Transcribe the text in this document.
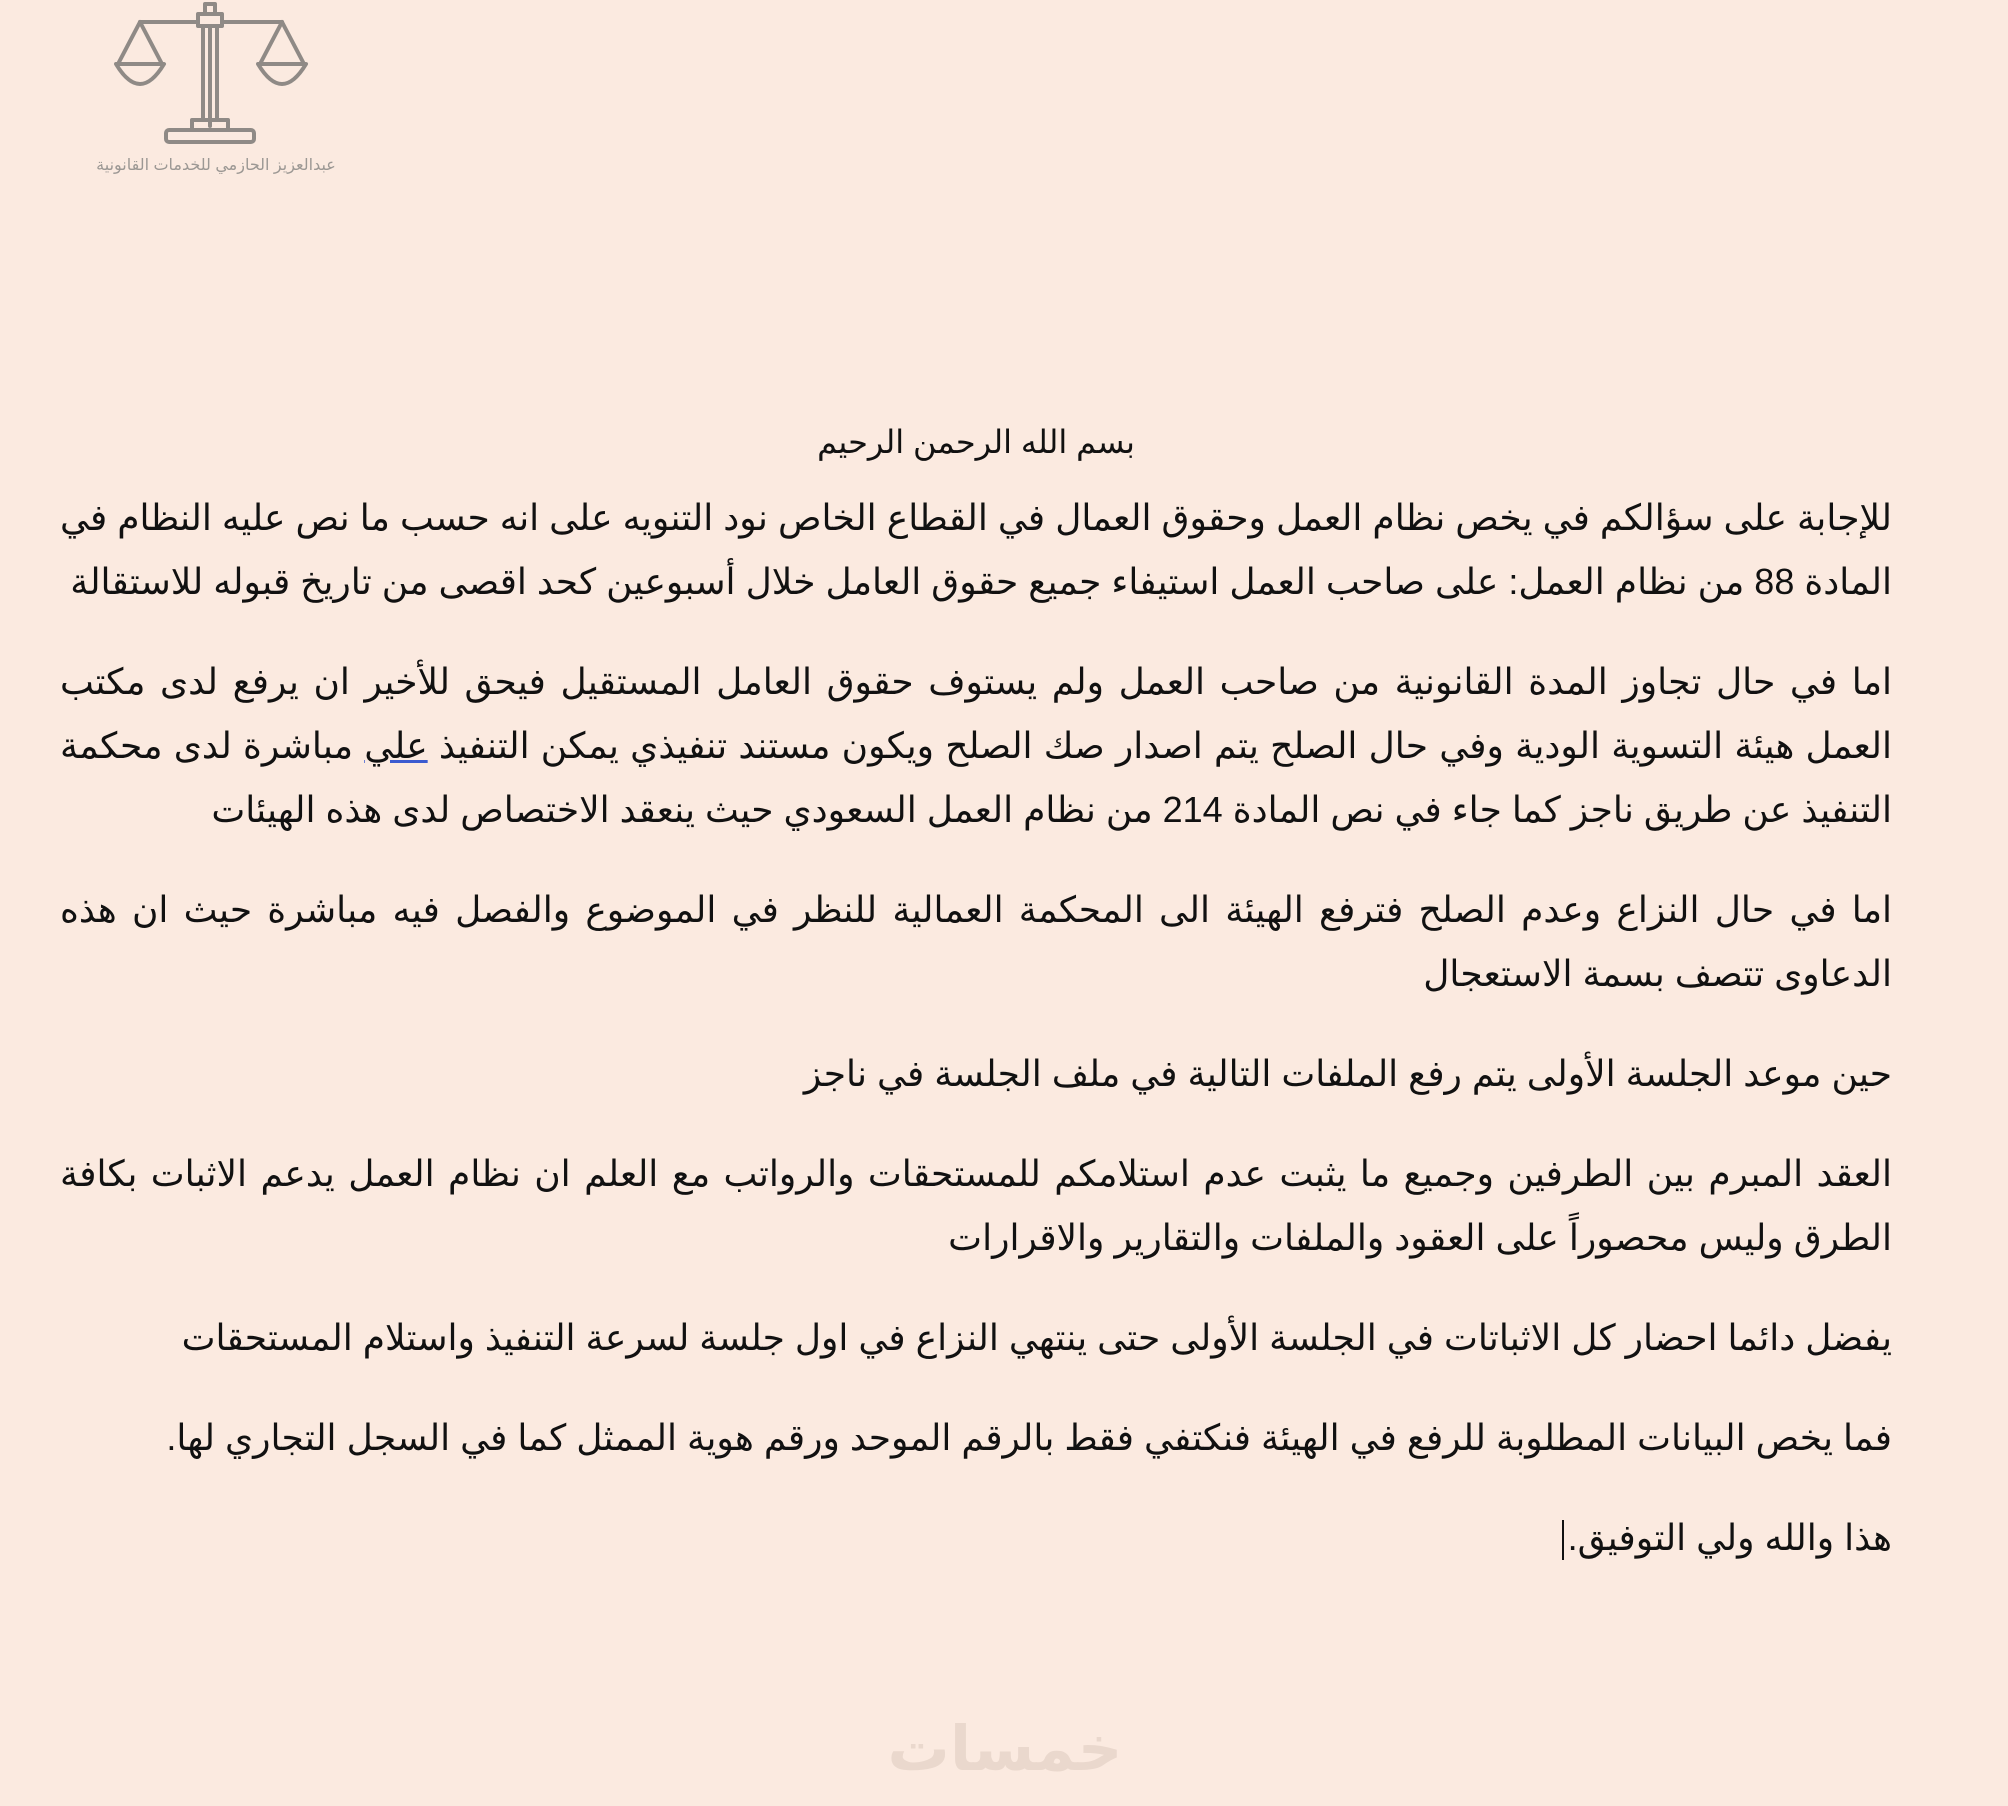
عبدالعزيز الحازمي للخدمات القانونية
بسم الله الرحمن الرحيم

للإجابة على سؤالكم في يخص نظام العمل وحقوق العمال في القطاع الخاص نود التنويه على انه حسب ما نص عليه النظام في المادة 88 من نظام العمل: على صاحب العمل استيفاء جميع حقوق العامل خلال أسبوعين كحد اقصى من تاريخ قبوله للاستقالة

اما في حال تجاوز المدة القانونية من صاحب العمل ولم يستوف حقوق العامل المستقيل فيحق للأخير ان يرفع لدى مكتب العمل هيئة التسوية الودية وفي حال الصلح يتم اصدار صك الصلح ويكون مستند تنفيذي يمكن التنفيذ علي مباشرة لدى محكمة التنفيذ عن طريق ناجز كما جاء في نص المادة 214 من نظام العمل السعودي حيث ينعقد الاختصاص لدى هذه الهيئات

اما في حال النزاع وعدم الصلح فترفع الهيئة الى المحكمة العمالية للنظر في الموضوع والفصل فيه مباشرة حيث ان هذه الدعاوى تتصف بسمة الاستعجال

حين موعد الجلسة الأولى يتم رفع الملفات التالية في ملف الجلسة في ناجز

العقد المبرم بين الطرفين وجميع ما يثبت عدم استلامكم للمستحقات والرواتب مع العلم ان نظام العمل يدعم الاثبات بكافة الطرق وليس محصوراً على العقود والملفات والتقارير والاقرارات

يفضل دائما احضار كل الاثباتات في الجلسة الأولى حتى ينتهي النزاع في اول جلسة لسرعة التنفيذ واستلام المستحقات

فما يخص البيانات المطلوبة للرفع في الهيئة فنكتفي فقط بالرقم الموحد ورقم هوية الممثل كما في السجل التجاري لها.

هذا والله ولي التوفيق.

خمسات
